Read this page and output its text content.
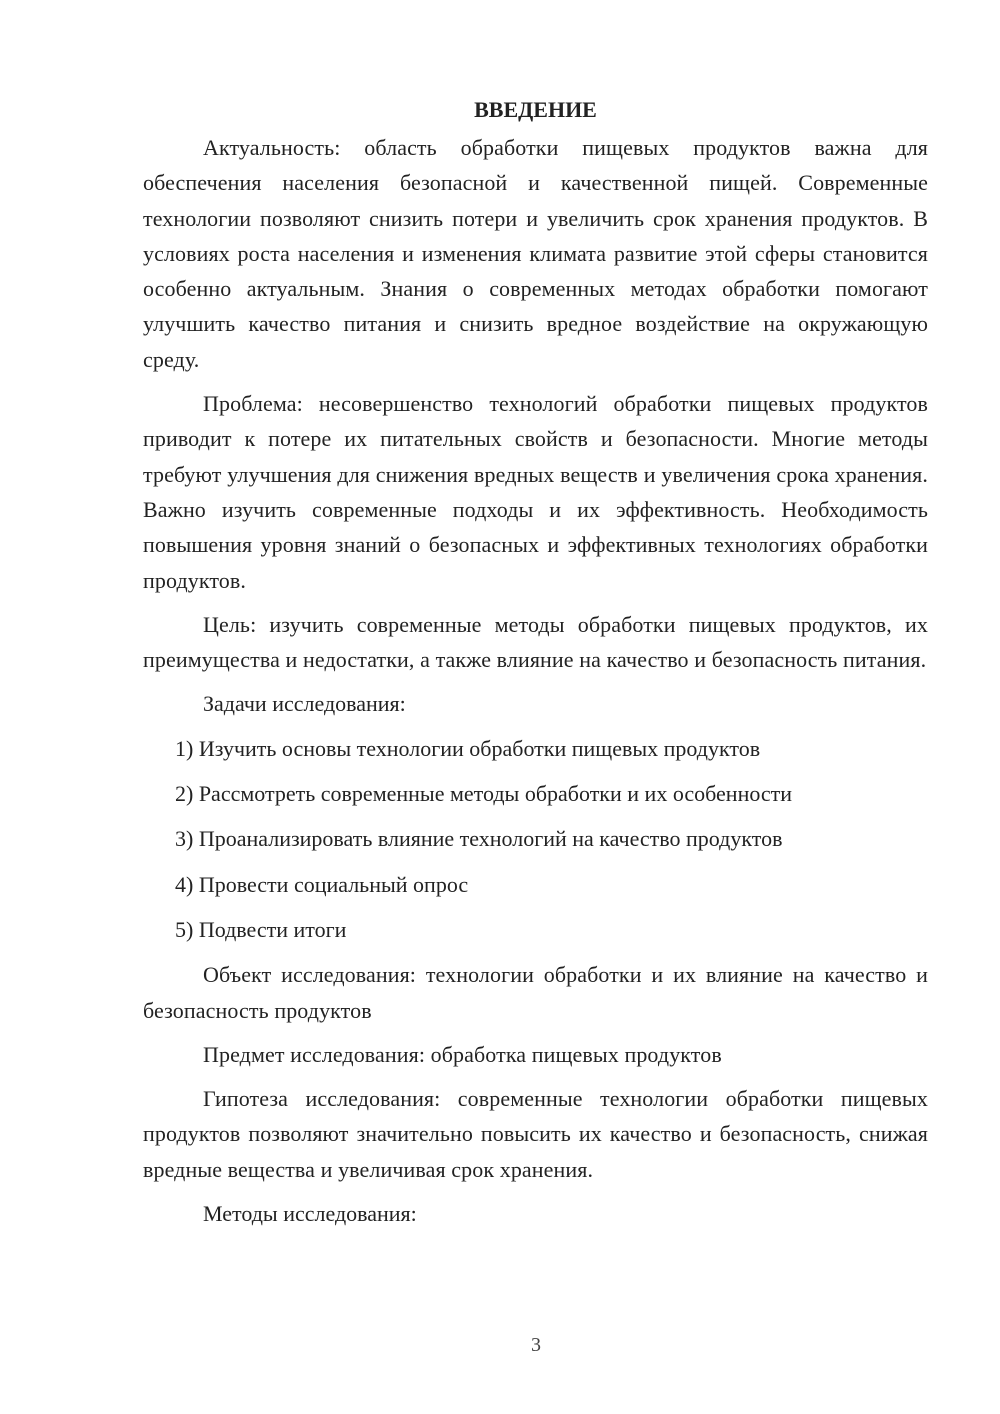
ВВЕДЕНИЕ

Актуальность: область обработки пищевых продуктов важна для обеспечения населения безопасной и качественной пищей. Современные технологии позволяют снизить потери и увеличить срок хранения продуктов. В условиях роста населения и изменения климата развитие этой сферы становится особенно актуальным. Знания о современных методах обработки помогают улучшить качество питания и снизить вредное воздействие на окружающую среду.

Проблема: несовершенство технологий обработки пищевых продуктов приводит к потере их питательных свойств и безопасности. Многие методы требуют улучшения для снижения вредных веществ и увеличения срока хранения. Важно изучить современные подходы и их эффективность. Необходимость повышения уровня знаний о безопасных и эффективных технологиях обработки продуктов.

Цель: изучить современные методы обработки пищевых продуктов, их преимущества и недостатки, а также влияние на качество и безопасность питания.

Задачи исследования:

1) Изучить основы технологии обработки пищевых продуктов
2) Рассмотреть современные методы обработки и их особенности
3) Проанализировать влияние технологий на качество продуктов
4) Провести социальный опрос
5) Подвести итоги

Объект исследования: технологии обработки и их влияние на качество и безопасность продуктов

Предмет исследования: обработка пищевых продуктов

Гипотеза исследования: современные технологии обработки пищевых продуктов позволяют значительно повысить их качество и безопасность, снижая вредные вещества и увеличивая срок хранения.

Методы исследования:

3
